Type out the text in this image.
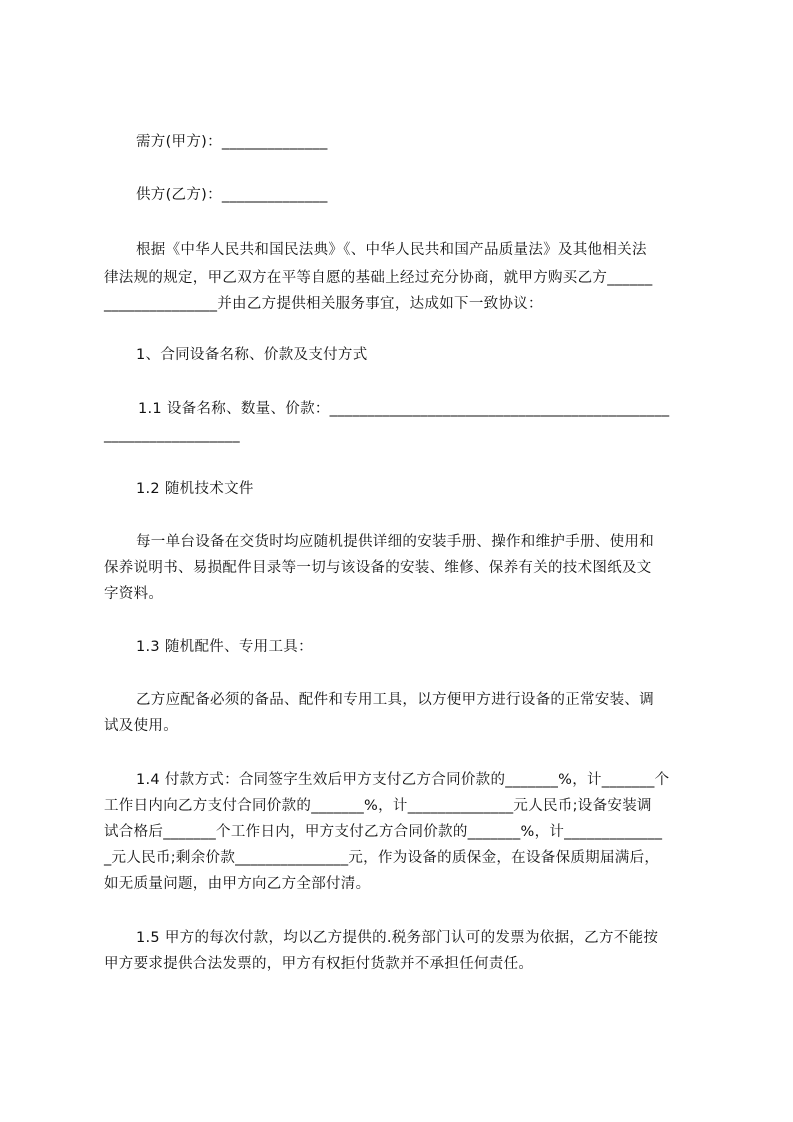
需方(甲方)：______________
供方(乙方)：______________
根据《中华人民共和国民法典》《、中华人民共和国产品质量法》及其他相关法
律法规的规定，甲乙双方在平等自愿的基础上经过充分协商，就甲方购买乙方______
_______________并由乙方提供相关服务事宜，达成如下一致协议：
1、合同设备名称、价款及支付方式
1.1 设备名称、数量、价款：_____________________________________________
__________________
1.2 随机技术文件
每一单台设备在交货时均应随机提供详细的安装手册、操作和维护手册、使用和
保养说明书、易损配件目录等一切与该设备的安装、维修、保养有关的技术图纸及文
字资料。
1.3 随机配件、专用工具：
乙方应配备必须的备品、配件和专用工具，以方便甲方进行设备的正常安装、调
试及使用。
1.4 付款方式：合同签字生效后甲方支付乙方合同价款的_______%，计_______个
工作日内向乙方支付合同价款的_______%，计______________元人民币;设备安装调
试合格后_______个工作日内，甲方支付乙方合同价款的_______%，计_____________
_元人民币;剩余价款_______________元，作为设备的质保金，在设备保质期届满后，
如无质量问题，由甲方向乙方全部付清。
1.5 甲方的每次付款，均以乙方提供的.税务部门认可的发票为依据，乙方不能按
甲方要求提供合法发票的，甲方有权拒付货款并不承担任何责任。
